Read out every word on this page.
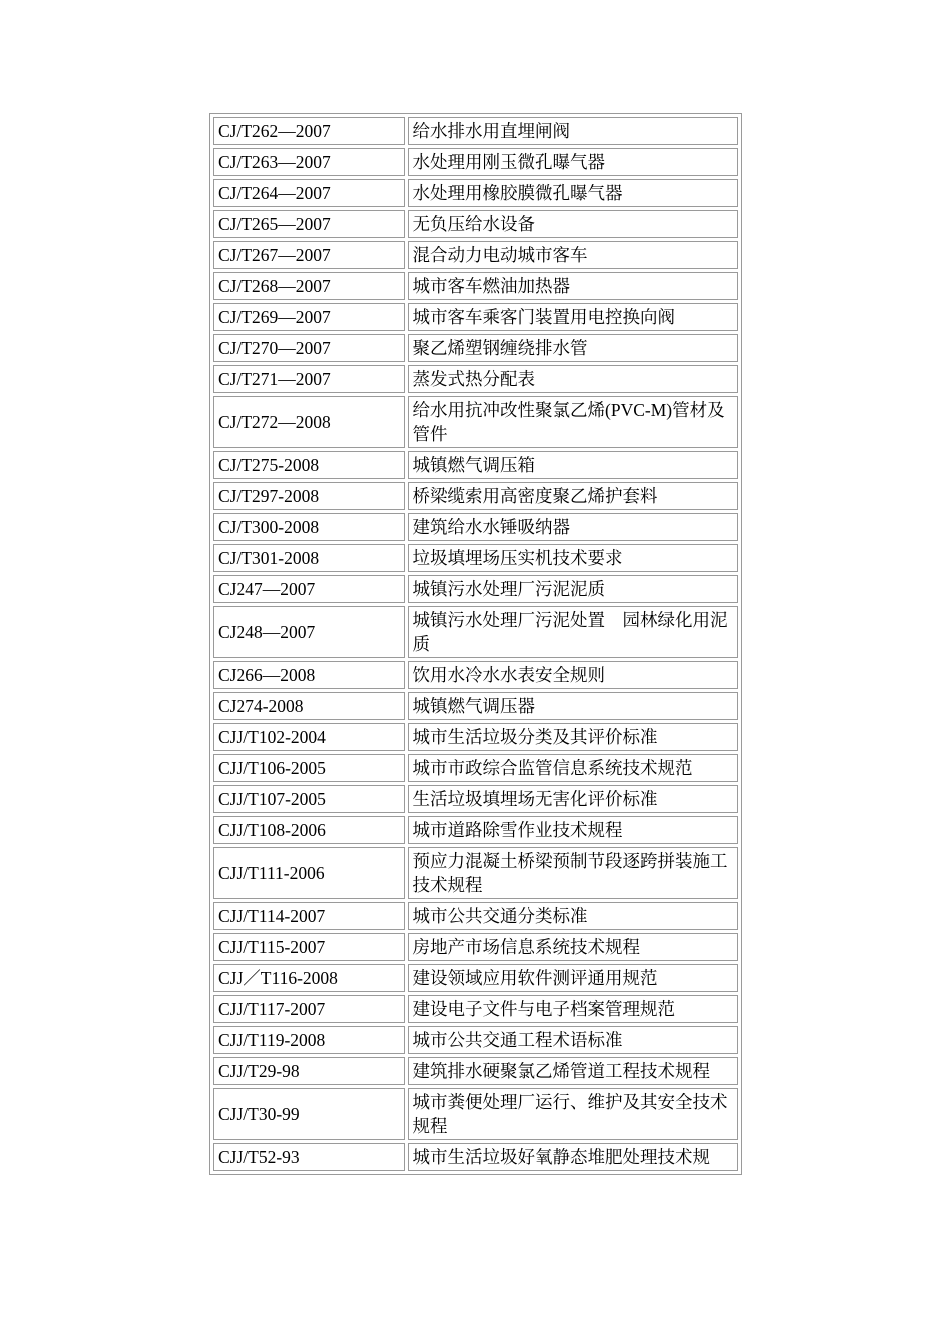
CJ/T262—2007	给水排水用直埋闸阀
CJ/T263—2007	水处理用刚玉微孔曝气器
CJ/T264—2007	水处理用橡胶膜微孔曝气器
CJ/T265—2007	无负压给水设备
CJ/T267—2007	混合动力电动城市客车
CJ/T268—2007	城市客车燃油加热器
CJ/T269—2007	城市客车乘客门装置用电控换向阀
CJ/T270—2007	聚乙烯塑钢缠绕排水管
CJ/T271—2007	蒸发式热分配表
CJ/T272—2008	给水用抗冲改性聚氯乙烯(PVC-M)管材及管件
CJ/T275-2008	城镇燃气调压箱
CJ/T297-2008	桥梁缆索用高密度聚乙烯护套料
CJ/T300-2008	建筑给水水锤吸纳器
CJ/T301-2008	垃圾填埋场压实机技术要求
CJ247—2007	城镇污水处理厂污泥泥质
CJ248—2007	城镇污水处理厂污泥处置　园林绿化用泥质
CJ266—2008	饮用水冷水水表安全规则
CJ274-2008	城镇燃气调压器
CJJ/T102-2004	城市生活垃圾分类及其评价标准
CJJ/T106-2005	城市市政综合监管信息系统技术规范
CJJ/T107-2005	生活垃圾填埋场无害化评价标准
CJJ/T108-2006	城市道路除雪作业技术规程
CJJ/T111-2006	预应力混凝土桥梁预制节段逐跨拼装施工技术规程
CJJ/T114-2007	城市公共交通分类标准
CJJ/T115-2007	房地产市场信息系统技术规程
CJJ／T116-2008	建设领域应用软件测评通用规范
CJJ/T117-2007	建设电子文件与电子档案管理规范
CJJ/T119-2008	城市公共交通工程术语标准
CJJ/T29-98	建筑排水硬聚氯乙烯管道工程技术规程
CJJ/T30-99	城市粪便处理厂运行、维护及其安全技术规程
CJJ/T52-93	城市生活垃圾好氧静态堆肥处理技术规
